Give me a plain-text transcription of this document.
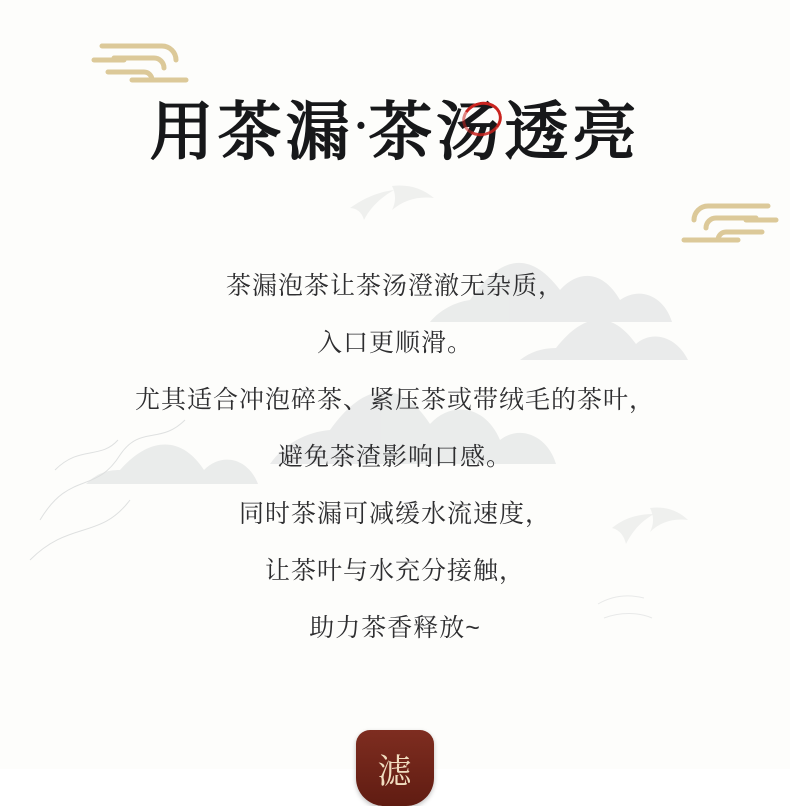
用茶漏·茶汤透亮

茶漏泡茶让茶汤澄澈无杂质，

入口更顺滑。

尤其适合冲泡碎茶、紧压茶或带绒毛的茶叶，

避免茶渣影响口感。

同时茶漏可减缓水流速度，

让茶叶与水充分接触，

助力茶香释放~

滤
